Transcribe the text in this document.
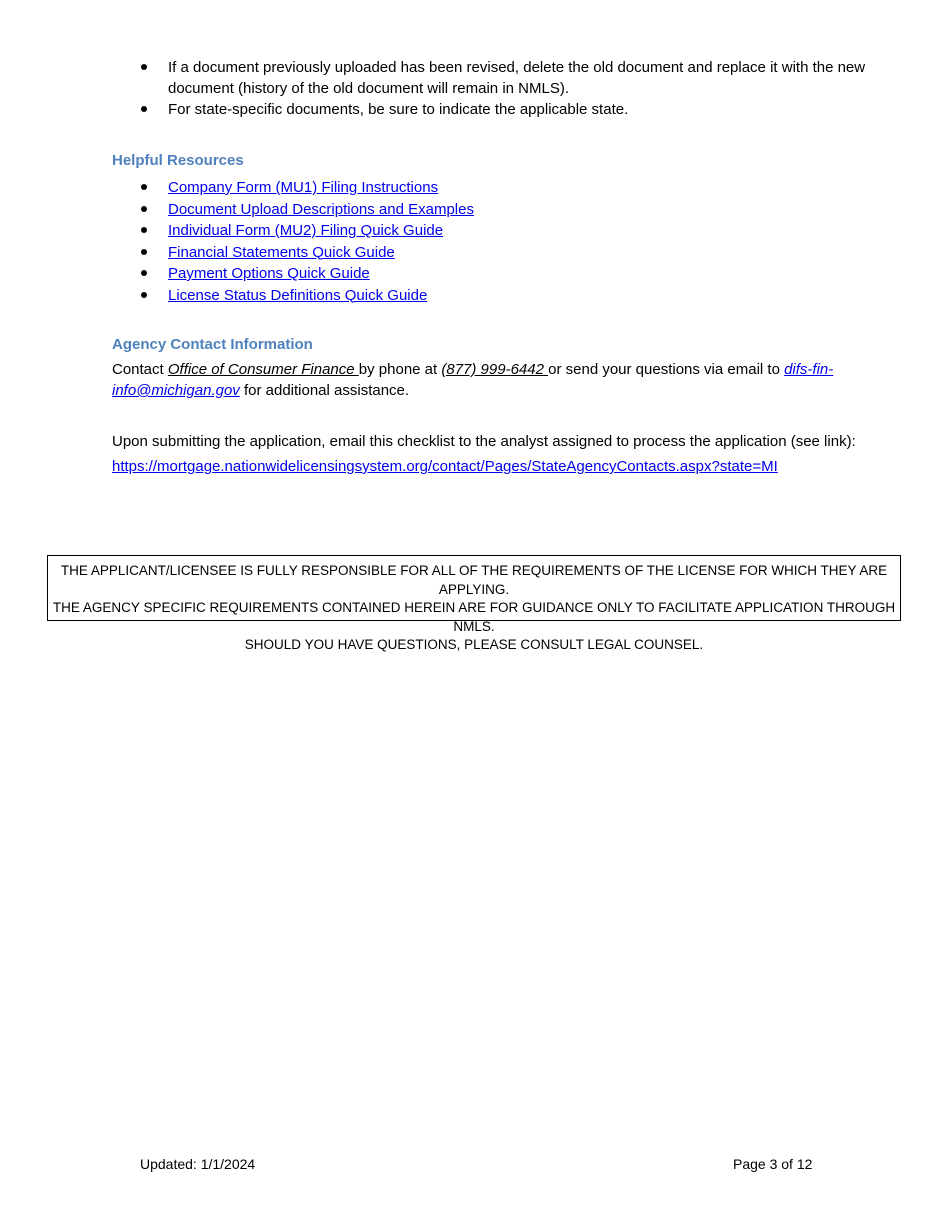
If a document previously uploaded has been revised, delete the old document and replace it with the new document (history of the old document will remain in NMLS).
For state-specific documents, be sure to indicate the applicable state.

Helpful Resources

Company Form (MU1) Filing Instructions
Document Upload Descriptions and Examples
Individual Form (MU2) Filing Quick Guide
Financial Statements Quick Guide
Payment Options Quick Guide
License Status Definitions Quick Guide

Agency Contact Information

Contact Office of Consumer Finance by phone at (877) 999-6442 or send your questions via email to difs-fin-info@michigan.gov for additional assistance.

Upon submitting the application, email this checklist to the analyst assigned to process the application (see link):

https://mortgage.nationwidelicensingsystem.org/contact/Pages/StateAgencyContacts.aspx?state=MI
THE APPLICANT/LICENSEE IS FULLY RESPONSIBLE FOR ALL OF THE REQUIREMENTS OF THE LICENSE FOR WHICH THEY ARE APPLYING.
THE AGENCY SPECIFIC REQUIREMENTS CONTAINED HEREIN ARE FOR GUIDANCE ONLY TO FACILITATE APPLICATION THROUGH NMLS.
SHOULD YOU HAVE QUESTIONS, PLEASE CONSULT LEGAL COUNSEL.
Updated: 1/1/2024	Page 3 of 12
